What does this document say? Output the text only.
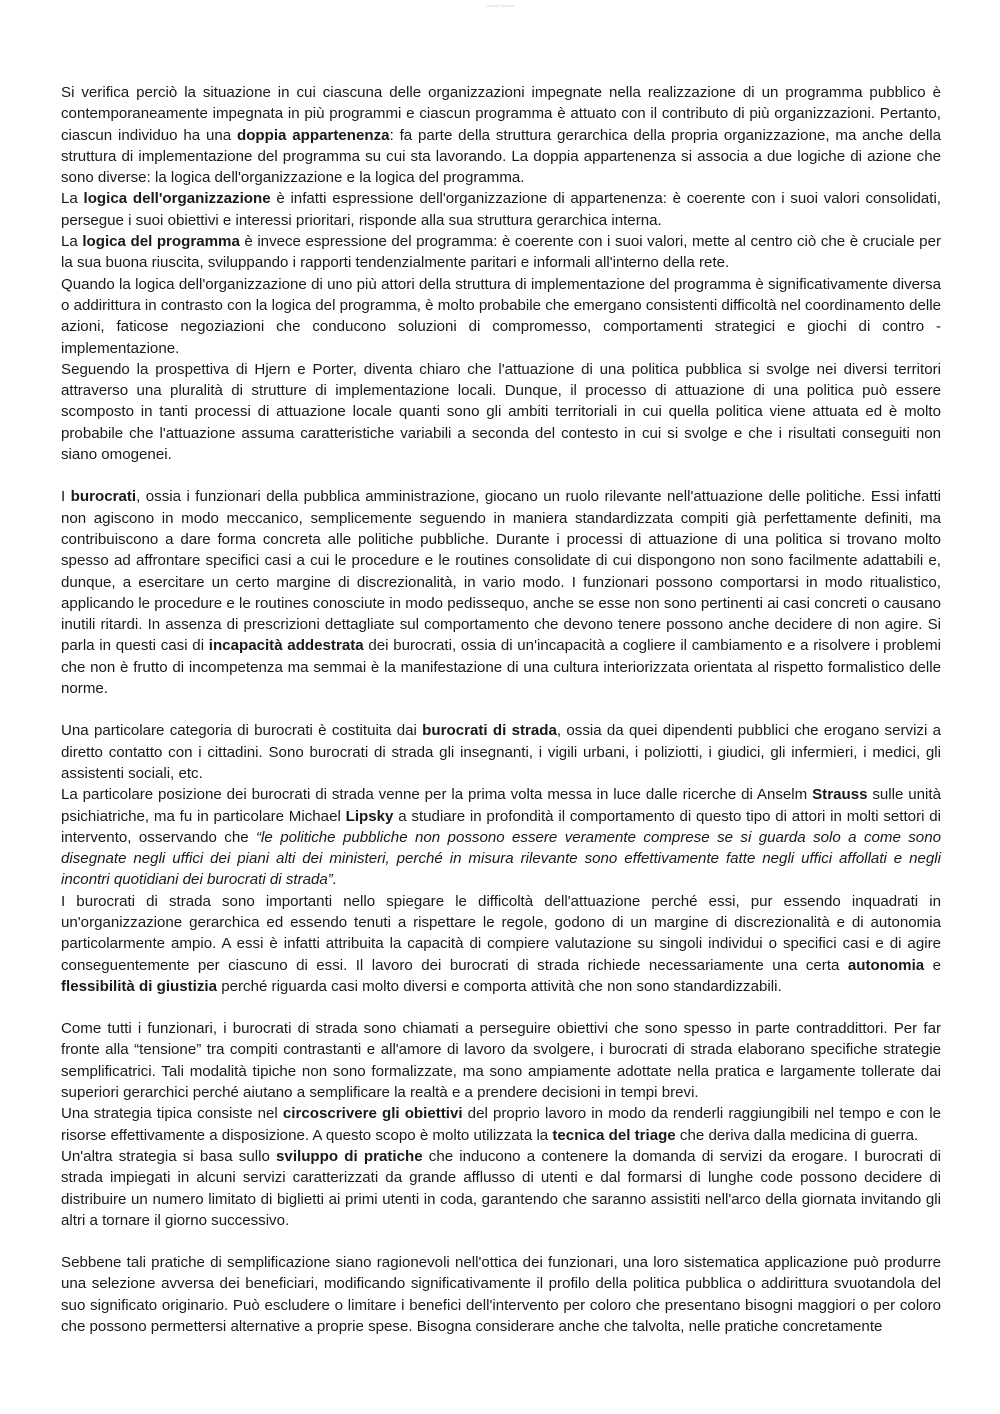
Lorem Ipsum

Si verifica perciò la situazione in cui ciascuna delle organizzazioni impegnate nella realizzazione di un programma pubblico è contemporaneamente impegnata in più programmi e ciascun programma è attuato con il contributo di più organizzazioni. Pertanto, ciascun individuo ha una doppia appartenenza: fa parte della struttura gerarchica della propria organizzazione, ma anche della struttura di implementazione del programma su cui sta lavorando. La doppia appartenenza si associa a due logiche di azione che sono diverse: la logica dell'organizzazione e la logica del programma.

La logica dell'organizzazione è infatti espressione dell'organizzazione di appartenenza: è coerente con i suoi valori consolidati, persegue i suoi obiettivi e interessi prioritari, risponde alla sua struttura gerarchica interna.

La logica del programma è invece espressione del programma: è coerente con i suoi valori, mette al centro ciò che è cruciale per la sua buona riuscita, sviluppando i rapporti tendenzialmente paritari e informali all'interno della rete.

Quando la logica dell'organizzazione di uno più attori della struttura di implementazione del programma è significativamente diversa o addirittura in contrasto con la logica del programma, è molto probabile che emergano consistenti difficoltà nel coordinamento delle azioni, faticose negoziazioni che conducono soluzioni di compromesso, comportamenti strategici e giochi di contro - implementazione.

Seguendo la prospettiva di Hjern e Porter, diventa chiaro che l'attuazione di una politica pubblica si svolge nei diversi territori attraverso una pluralità di strutture di implementazione locali. Dunque, il processo di attuazione di una politica può essere scomposto in tanti processi di attuazione locale quanti sono gli ambiti territoriali in cui quella politica viene attuata ed è molto probabile che l'attuazione assuma caratteristiche variabili a seconda del contesto in cui si svolge e che i risultati conseguiti non siano omogenei.

I burocrati, ossia i funzionari della pubblica amministrazione, giocano un ruolo rilevante nell'attuazione delle politiche. Essi infatti non agiscono in modo meccanico, semplicemente seguendo in maniera standardizzata compiti già perfettamente definiti, ma contribuiscono a dare forma concreta alle politiche pubbliche. Durante i processi di attuazione di una politica si trovano molto spesso ad affrontare specifici casi a cui le procedure e le routines consolidate di cui dispongono non sono facilmente adattabili e, dunque, a esercitare un certo margine di discrezionalità, in vario modo. I funzionari possono comportarsi in modo ritualistico, applicando le procedure e le routines conosciute in modo pedissequo, anche se esse non sono pertinenti ai casi concreti o causano inutili ritardi. In assenza di prescrizioni dettagliate sul comportamento che devono tenere possono anche decidere di non agire. Si parla in questi casi di incapacità addestrata dei burocrati, ossia di un'incapacità a cogliere il cambiamento e a risolvere i problemi che non è frutto di incompetenza ma semmai è la manifestazione di una cultura interiorizzata orientata al rispetto formalistico delle norme.

Una particolare categoria di burocrati è costituita dai burocrati di strada, ossia da quei dipendenti pubblici che erogano servizi a diretto contatto con i cittadini. Sono burocrati di strada gli insegnanti, i vigili urbani, i poliziotti, i giudici, gli infermieri, i medici, gli assistenti sociali, etc.

La particolare posizione dei burocrati di strada venne per la prima volta messa in luce dalle ricerche di Anselm Strauss sulle unità psichiatriche, ma fu in particolare Michael Lipsky a studiare in profondità il comportamento di questo tipo di attori in molti settori di intervento, osservando che “le politiche pubbliche non possono essere veramente comprese se si guarda solo a come sono disegnate negli uffici dei piani alti dei ministeri, perché in misura rilevante sono effettivamente fatte negli uffici affollati e negli incontri quotidiani dei burocrati di strada”.

I burocrati di strada sono importanti nello spiegare le difficoltà dell'attuazione perché essi, pur essendo inquadrati in un'organizzazione gerarchica ed essendo tenuti a rispettare le regole, godono di un margine di discrezionalità e di autonomia particolarmente ampio. A essi è infatti attribuita la capacità di compiere valutazione su singoli individui o specifici casi e di agire conseguentemente per ciascuno di essi. Il lavoro dei burocrati di strada richiede necessariamente una certa autonomia e flessibilità di giustizia perché riguarda casi molto diversi e comporta attività che non sono standardizzabili.

Come tutti i funzionari, i burocrati di strada sono chiamati a perseguire obiettivi che sono spesso in parte contraddittori. Per far fronte alla “tensione” tra compiti contrastanti e all'amore di lavoro da svolgere, i burocrati di strada elaborano specifiche strategie semplificatrici. Tali modalità tipiche non sono formalizzate, ma sono ampiamente adottate nella pratica e largamente tollerate dai superiori gerarchici perché aiutano a semplificare la realtà e a prendere decisioni in tempi brevi.

Una strategia tipica consiste nel circoscrivere gli obiettivi del proprio lavoro in modo da renderli raggiungibili nel tempo e con le risorse effettivamente a disposizione. A questo scopo è molto utilizzata la tecnica del triage che deriva dalla medicina di guerra.

Un'altra strategia si basa sullo sviluppo di pratiche che inducono a contenere la domanda di servizi da erogare. I burocrati di strada impiegati in alcuni servizi caratterizzati da grande afflusso di utenti e dal formarsi di lunghe code possono decidere di distribuire un numero limitato di biglietti ai primi utenti in coda, garantendo che saranno assistiti nell'arco della giornata invitando gli altri a tornare il giorno successivo.

Sebbene tali pratiche di semplificazione siano ragionevoli nell'ottica dei funzionari, una loro sistematica applicazione può produrre una selezione avversa dei beneficiari, modificando significativamente il profilo della politica pubblica o addirittura svuotandola del suo significato originario. Può escludere o limitare i benefici dell'intervento per coloro che presentano bisogni maggiori o per coloro che possono permettersi alternative a proprie spese. Bisogna considerare anche che talvolta, nelle pratiche concretamente
